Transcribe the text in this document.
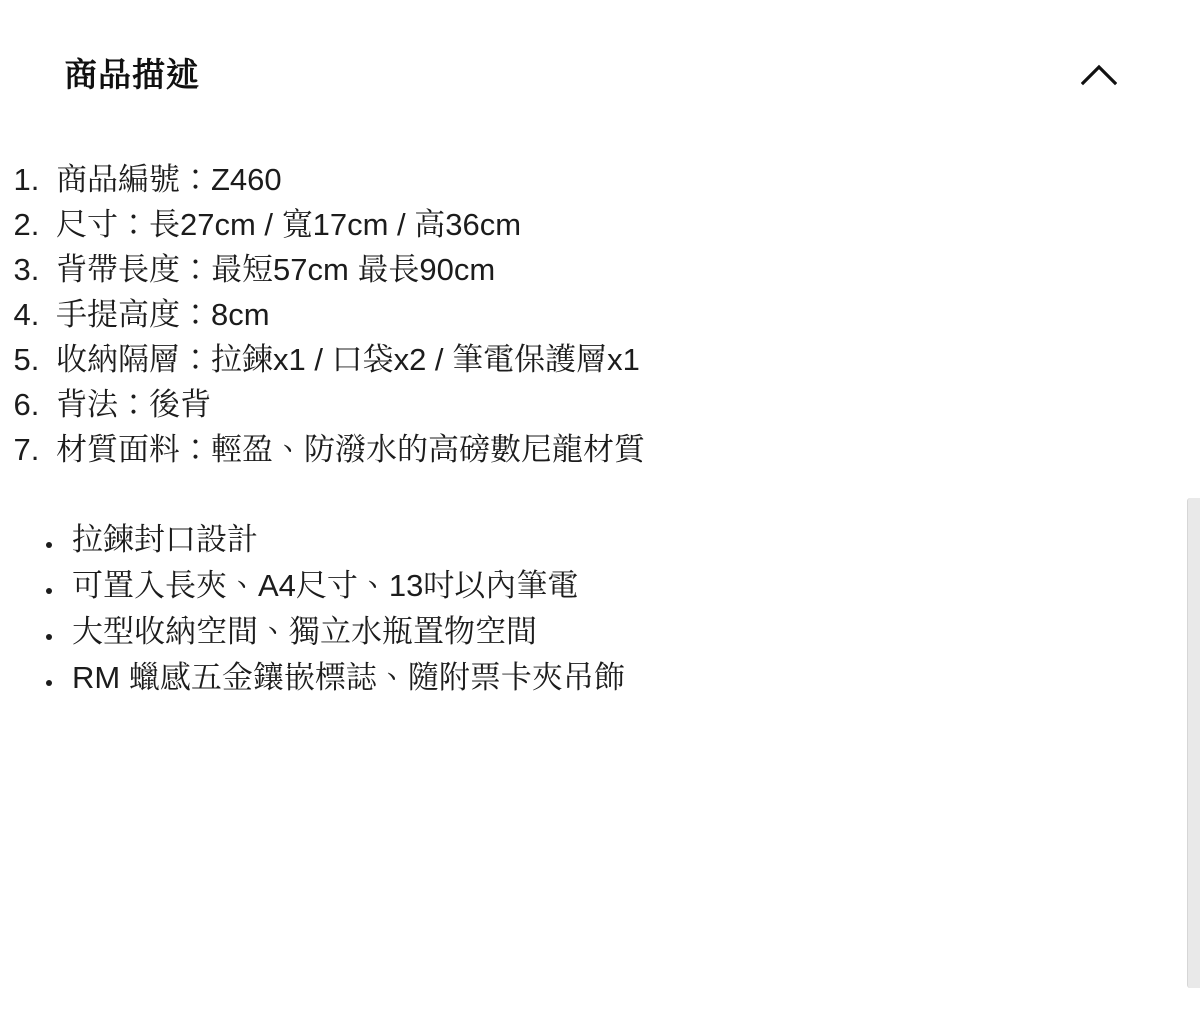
商品描述
1. 商品編號：Z460
2. 尺寸：長27cm / 寬17cm / 高36cm
3. 背帶長度：最短57cm 最長90cm
4. 手提高度：8cm
5. 收納隔層：拉鍊x1 / 口袋x2 / 筆電保護層x1
6. 背法：後背
7. 材質面料：輕盈、防潑水的高磅數尼龍材質
• 拉鍊封口設計
• 可置入長夾、A4尺寸、13吋以內筆電
• 大型收納空間、獨立水瓶置物空間
• RM 蠟感五金鑲嵌標誌、隨附票卡夾吊飾
